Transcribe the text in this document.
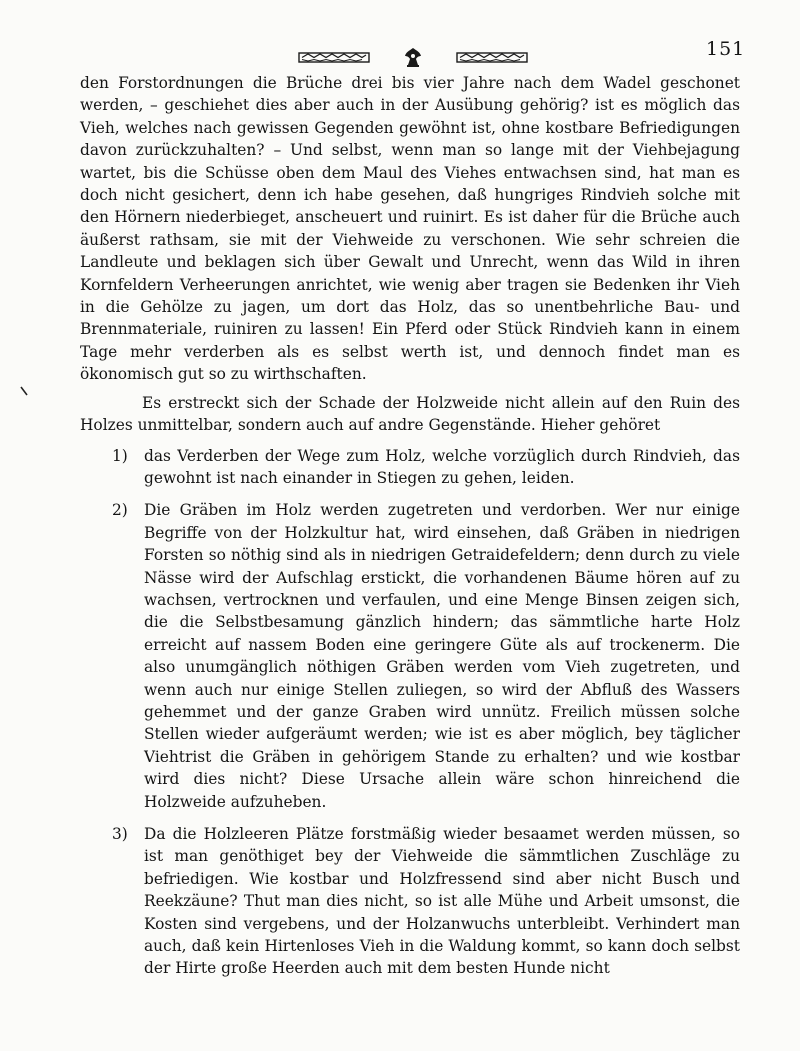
151

den Forstordnungen die Brüche drei bis vier Jahre nach dem Wadel geschonet werden, – geschiehet dies aber auch in der Ausübung gehörig? ist es möglich das Vieh, welches nach gewissen Gegenden gewöhnt ist, ohne kostbare Befriedigungen davon zurückzuhalten? – Und selbst, wenn man so lange mit der Viehbejagung wartet, bis die Schüsse oben dem Maul des Viehes entwachsen sind, hat man es doch nicht gesichert, denn ich habe gesehen, daß hungriges Rindvieh solche mit den Hörnern niederbieget, anscheuert und ruinirt. Es ist daher für die Brüche auch äußerst rathsam, sie mit der Viehweide zu verschonen. Wie sehr schreien die Landleute und beklagen sich über Gewalt und Unrecht, wenn das Wild in ihren Kornfeldern Verheerungen anrichtet, wie wenig aber tragen sie Bedenken ihr Vieh in die Gehölze zu jagen, um dort das Holz, das so unentbehrliche Bau- und Brennmateriale, ruiniren zu lassen! Ein Pferd oder Stück Rindvieh kann in einem Tage mehr verderben als es selbst werth ist, und dennoch findet man es ökonomisch gut so zu wirthschaften.

Es erstreckt sich der Schade der Holzweide nicht allein auf den Ruin des Holzes unmittelbar, sondern auch auf andre Gegenstände. Hieher gehöret

1)	das Verderben der Wege zum Holz, welche vorzüglich durch Rindvieh, das gewohnt ist nach einander in Stiegen zu gehen, leiden.
2)	Die Gräben im Holz werden zugetreten und verdorben. Wer nur einige Begriffe von der Holzkultur hat, wird einsehen, daß Gräben in niedrigen Forsten so nöthig sind als in niedrigen Getraidefeldern; denn durch zu viele Nässe wird der Aufschlag erstickt, die vorhandenen Bäume hören auf zu wachsen, vertrocknen und verfaulen, und eine Menge Binsen zeigen sich, die die Selbstbesamung gänzlich hindern; das sämmtliche harte Holz erreicht auf nassem Boden eine geringere Güte als auf trockenerm. Die also unumgänglich nöthigen Gräben werden vom Vieh zugetreten, und wenn auch nur einige Stellen zuliegen, so wird der Abfluß des Wassers gehemmet und der ganze Graben wird unnütz. Freilich müssen solche Stellen wieder aufgeräumt werden; wie ist es aber möglich, bey täglicher Viehtrist die Gräben in gehörigem Stande zu erhalten? und wie kostbar wird dies nicht? Diese Ursache allein wäre schon hinreichend die Holzweide aufzuheben.
3)	Da die Holzleeren Plätze forstmäßig wieder besaamet werden müssen, so ist man genöthiget bey der Viehweide die sämmtlichen Zuschläge zu befriedigen. Wie kostbar und Holzfressend sind aber nicht Busch und Reekzäune? Thut man dies nicht, so ist alle Mühe und Arbeit umsonst, die Kosten sind vergebens, und der Holzanwuchs unterbleibt. Verhindert man auch, daß kein Hirtenloses Vieh in die Waldung kommt, so kann doch selbst der Hirte große Heerden auch mit dem besten Hunde nicht
